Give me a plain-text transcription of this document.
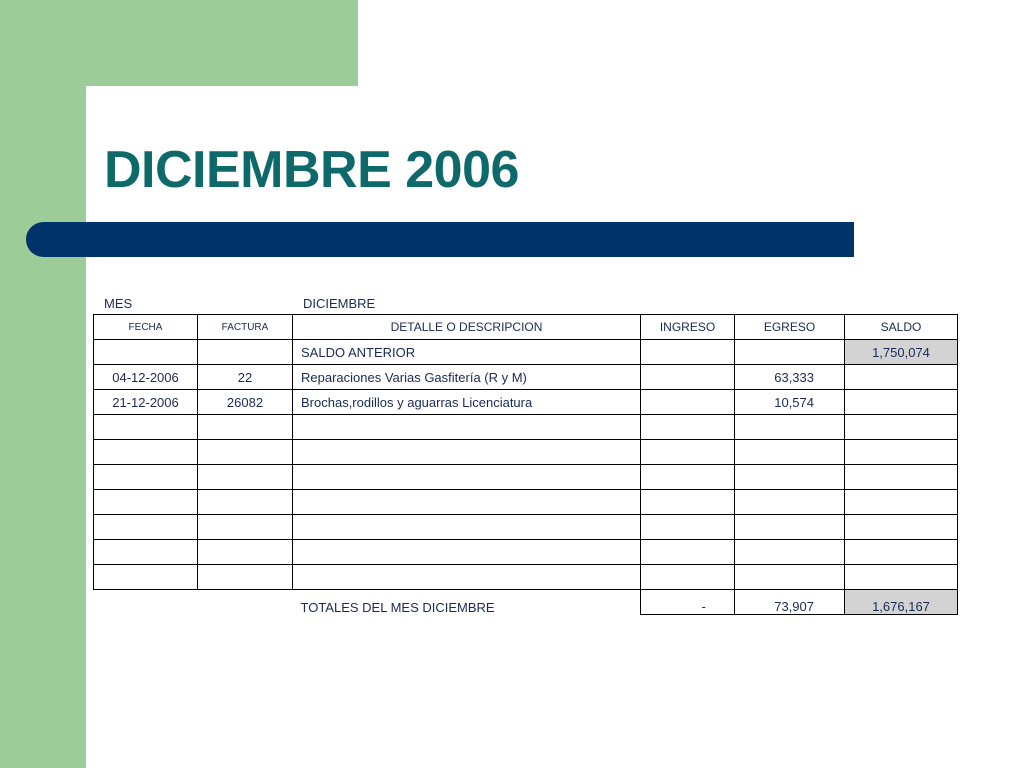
DICIEMBRE 2006
MES	DICIEMBRE
FECHA	FACTURA	DETALLE O DESCRIPCION	INGRESO	EGRESO	SALDO
		SALDO ANTERIOR			1,750,074
04-12-2006	22	Reparaciones Varias Gasfitería (R y M)		63,333	
21-12-2006	26082	Brochas,rodillos y aguarras Licenciatura		10,574	

		TOTALES DEL MES DICIEMBRE	-	73,907	1,676,167
